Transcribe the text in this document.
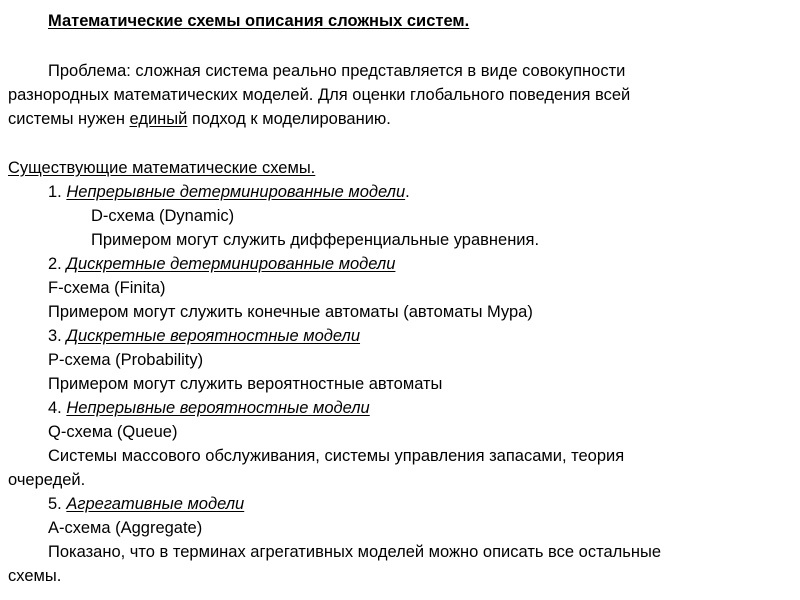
Математические схемы описания сложных систем.
Проблема: сложная система реально представляется в виде совокупности
разнородных математических моделей. Для оценки глобального поведения всей
системы нужен единый подход к моделированию.
Существующие математические схемы.
1. Непрерывные детерминированные модели.
D-схема (Dynamic)
Примером могут служить дифференциальные уравнения.
2. Дискретные детерминированные модели
F-схема (Finita)
Примером могут служить конечные автоматы (автоматы Мура)
3. Дискретные вероятностные модели
P-схема (Probability)
Примером могут служить вероятностные автоматы
4. Непрерывные вероятностные модели
Q-схема (Queue)
Системы массового обслуживания, системы управления запасами, теория
очередей.
5. Агрегативные модели
A-схема (Aggregate)
Показано, что в терминах агрегативных моделей можно описать все остальные
схемы.
